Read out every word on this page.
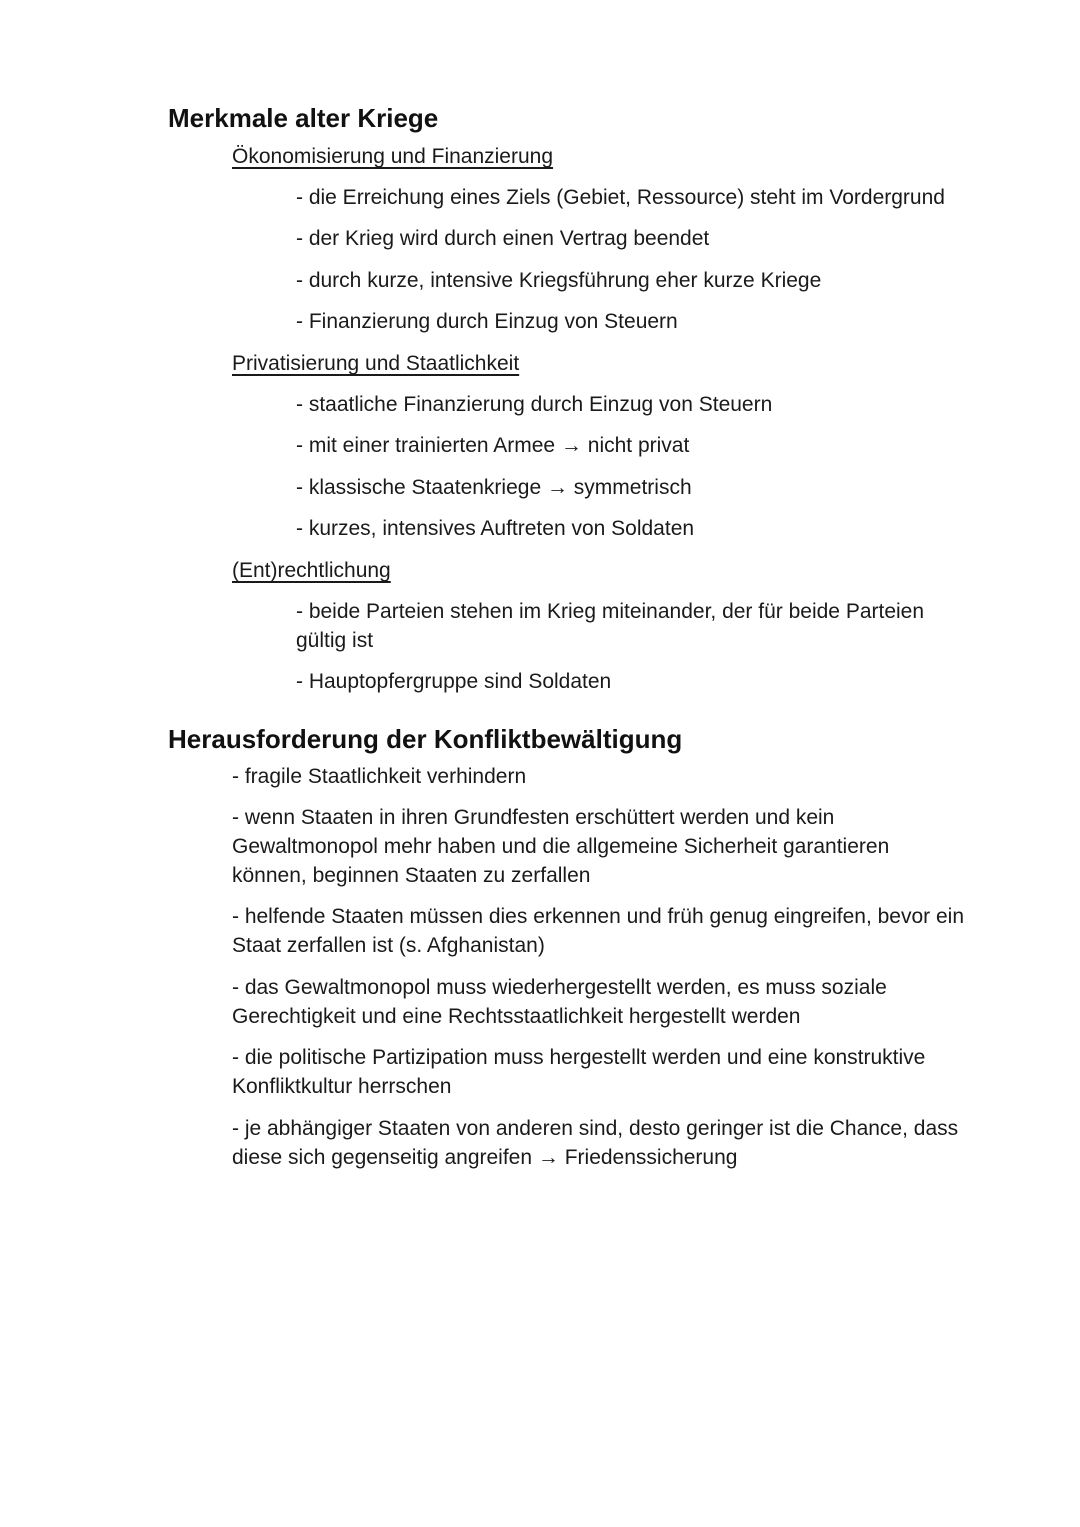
Merkmale alter Kriege
Ökonomisierung und Finanzierung
- die Erreichung eines Ziels (Gebiet, Ressource) steht im Vordergrund
- der Krieg wird durch einen Vertrag beendet
- durch kurze, intensive Kriegsführung eher kurze Kriege
- Finanzierung durch Einzug von Steuern
Privatisierung und Staatlichkeit
- staatliche Finanzierung durch Einzug von Steuern
- mit einer trainierten Armee → nicht privat
- klassische Staatenkriege → symmetrisch
- kurzes, intensives Auftreten von Soldaten
(Ent)rechtlichung
- beide Parteien stehen im Krieg miteinander, der für beide Parteien gültig ist
- Hauptopfergruppe sind Soldaten
Herausforderung der Konfliktbewältigung
- fragile Staatlichkeit verhindern
- wenn Staaten in ihren Grundfesten erschüttert werden und kein Gewaltmonopol mehr haben und die allgemeine Sicherheit garantieren können, beginnen Staaten zu zerfallen
- helfende Staaten müssen dies erkennen und früh genug eingreifen, bevor ein Staat zerfallen ist (s. Afghanistan)
- das Gewaltmonopol muss wiederhergestellt werden, es muss soziale Gerechtigkeit und eine Rechtsstaatlichkeit hergestellt werden
- die politische Partizipation muss hergestellt werden und eine konstruktive Konfliktkultur herrschen
- je abhängiger Staaten von anderen sind, desto geringer ist die Chance, dass diese sich gegenseitig angreifen → Friedenssicherung
